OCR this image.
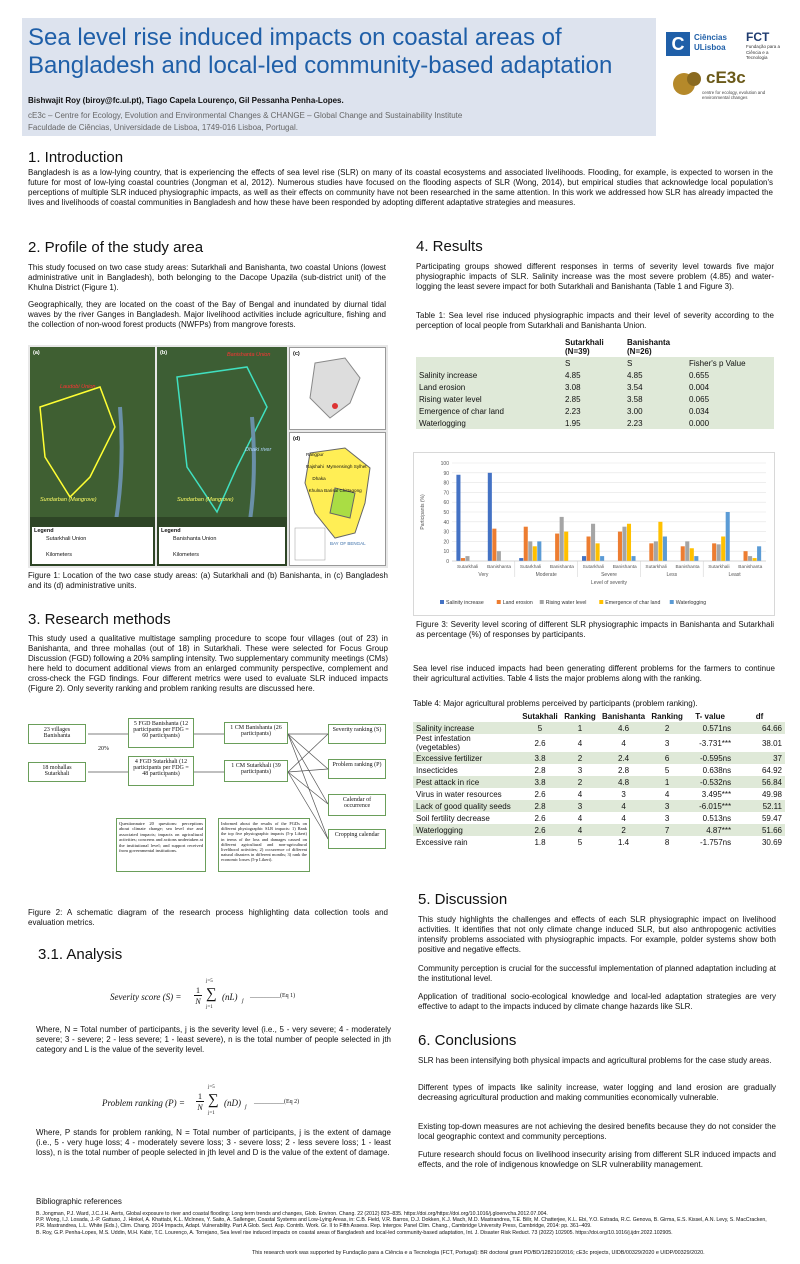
Sea level rise induced impacts on coastal areas of Bangladesh and local-led community-based adaptation
Bishwajit Roy (biroy@fc.ul.pt), Tiago Capela Lourenço, Gil Pessanha Penha-Lopes.
cE3c – Centre for Ecology, Evolution and Environmental Changes & CHANGE – Global Change and Sustainability Institute
Faculdade de Ciências, Universidade de Lisboa, 1749-016 Lisboa, Portugal.
C	Ciências ULisboa
FCT
Fundação para a Ciência e a Tecnologia
cE3c
centre for ecology, evolution and environmental changes
1. Introduction
Bangladesh is as a low-lying country, that is experiencing the effects of sea level rise (SLR) on many of its coastal ecosystems and associated livelihoods. Flooding, for example, is expected to worsen in the future for most of low-lying coastal countries (Jongman et al, 2012). Numerous studies have focused on the flooding aspects of SLR (Wong, 2014), but empirical studies that acknowledge local population's perceptions of multiple SLR induced physiographic impacts, as well as their effects on community have not been researched in the same attention. In this work we addressed how SLR has already impacted the lives and livelihoods of coastal communities in Bangladesh and how these have been responded by adopting different adaptative strategies and measures.
2. Profile of the study area
This study focused on two case study areas: Sutarkhali and Banishanta, two coastal Unions (lowest administrative unit in Bangladesh), both belonging to the Dacope Upazila (sub-district unit) of the Khulna District (Figure 1).
Geographically, they are located on the coast of the Bay of Bengal and inundated by diurnal tidal waves by the river Ganges in Bangladesh. Major livelihood activities include agriculture, fishing and the collection of non-wood forest products (NWFPs) from mangrove forests.
(a)
Laudobi Union
Sundarban (Mangrove)
Legend
Sutarkhali Union
Kilometers
(b)	Banishanta Union
Dhaki river
Sundarban (Mangrove)
Legend
Banishanta Union
Kilometers
(c)
(d)
Rangpur
Rajshahi Mymensingh Sylhet
Dhaka
Khulna Barisal Chittagong
BAY OF BENGAL
Figure 1: Location of the two case study areas: (a) Sutarkhali and (b) Banishanta, in (c) Bangladesh and its (d) administrative units.
3. Research methods
This study used a qualitative multistage sampling procedure to scope four villages (out of 23) in Banishanta, and three mohallas (out of 18) in Sutarkhali. These were selected for Focus Group Discussion (FGD) following a 20% sampling intensity. Two supplementary community meetings (CMs) here held to document additional views from an enlarged community perspective, complement and cross-check the FGD findings. Four different metrics were used to evaluate SLR induced impacts (Figure 2). Only severity ranking and problem ranking results are discussed here.
23 villages Banishanta
18 mohallas Sutarkhali
20%
5 FGD Banishanta (12 participants per FDG = 60 participants)
4 FGD Sutarkhali (12 participants per FDG = 48 participants)
1 CM Banishanta (26 participants)
1 CM Sutarkhali (39 participants)
Severity ranking (S)
Problem ranking (P)
Calendar of occurrence
Cropping calendar
Questionnaire 20 questions: perceptions about climate change; sea level rise and associated impacts; impacts on agricultural activities; concerns and actions undertaken at the institutional level; and support received from governmental institutions.
Informed about the results of the FGDs on different physiographic SLR impacts: 1) Rank the top five physiographic impacts (5-p Likert) in terms of the loss and damages caused on different agricultural and non-agricultural livelihood activities; 2) occurrence of different natural disasters in different months; 3) rank the economic losses (5-p Likert).
Figure 2: A schematic diagram of the research process highlighting data collection tools and evaluation metrics.
3.1. Analysis
Severity score (S) =
1
N
j=5
∑
j=1
(nL) j
__________(Eq 1)
Where, N = Total number of participants, j is the severity level (i.e., 5 - very severe; 4 - moderately severe; 3 - severe; 2 - less severe; 1 - least severe), n is the total number of people selected in jth category and L is the value of the severity level.
Problem ranking (P) =
1
N
j=5
∑
j=1
(nD) j
__________(Eq 2)
Where, P stands for problem ranking, N = Total number of participants, j is the extent of damage (i.e., 5 - very huge loss; 4 - moderately severe loss; 3 - severe loss; 2 - less severe loss; 1 - least loss), n is the total number of people selected in jth level and D is the value of the extent of damage.
4. Results
Participating groups showed different responses in terms of severity level towards five major physiographic impacts of SLR. Salinity increase was the most severe problem (4.85) and water-logging the least severe impact for both Sutarkhali and Banishanta (Table 1 and Figure 3).
Table 1: Sea level rise induced physiographic impacts and their level of severity according to the perception of local people from Sutarkhali and Banishanta Union.
	Sutarkhali (N=39)	Banishanta (N=26)	
	S	S	Fisher's p Value
Salinity increase	4.85	4.85	0.655
Land erosion	3.08	3.54	0.004
Rising water level	2.85	3.58	0.065
Emergence of char land	2.23	3.00	0.034
Waterlogging	1.95	2.23	0.000
0
10
20
30
40
50
60
70
80
90
100
Participants (%)
Sutarkhali Banishanta Sutarkhali Banishanta Sutarkhali Banishanta Sutarkhali Banishanta Sutarkhali Banishanta
Very	Moderate	Severe	Less	Least
Level of severity
Salinity increase	Land erosion	Rising water level	Emergence of char land	Waterlogging
Figure 3: Severity level scoring of different SLR physiographic impacts in Banishanta and Sutarkhali as percentage (%) of responses by participants.
Sea level rise induced impacts had been generating different problems for the farmers to continue their agricultural activities. Table 4 lists the major problems along with the ranking.
Table 4: Major agricultural problems perceived by participants (problem ranking).
	Sutakhali	Ranking	Banishanta	Ranking	T- value	df
Salinity increase	5	1	4.6	2	0.571ns	64.66
Pest infestation (vegetables)	2.6	4	4	3	-3.731***	38.01
Excessive fertilizer	3.8	2	2.4	6	-0.595ns	37
Insecticides	2.8	3	2.8	5	0.638ns	64.92
Pest attack in rice	3.8	2	4.8	1	-0.532ns	56.84
Virus in water resources	2.6	4	3	4	3.495***	49.98
Lack of good quality seeds	2.8	3	4	3	-6.015***	52.11
Soil fertility decrease	2.6	4	4	3	0.513ns	59.47
Waterlogging	2.6	4	2	7	4.87***	51.66
Excessive rain	1.8	5	1.4	8	-1.757ns	30.69
5. Discussion
This study highlights the challenges and effects of each SLR physiographic impact on livelihood activities. It identifies that not only climate change induced SLR, but also anthropogenic activities intensify problems associated with physiographic impacts. For example, polder systems show both positive and negative effects.
Community perception is crucial for the successful implementation of planned adaptation including at the institutional level.
Application of traditional socio-ecological knowledge and local-led adaptation strategies are very effective to adapt to the impacts induced by climate change hazards like SLR.
6. Conclusions
SLR has been intensifying both physical impacts and agricultural problems for the case study areas.
Different types of impacts like salinity increase, water logging and land erosion are gradually decreasing agricultural production and making communities economically vulnerable.
Existing top-down measures are not achieving the desired benefits because they do not consider the local geographic context and community perceptions.
Future research should focus on livelihood insecurity arising from different SLR induced impacts and effects, and the role of indigenous knowledge on SLR vulnerability management.
Bibliographic references
B. Jongman, P.J. Ward, J.C.J.H. Aerts, Global exposure to river and coastal flooding: Long term trends and changes, Glob. Environ. Chang. 22 (2012) 823–835. https://doi.org/https://doi.org/10.1016/j.gloenvcha.2012.07.004.
P.P. Wong, I.J. Losada, J.-P. Gattuso, J. Hinkel, A. Khattabi, K.L. McInnes, Y. Saito, A. Sallenger, Coastal Systems and Low-Lying Areas, in: C.B. Field, V.R. Barros, D.J. Dokken, K.J. Mach, M.D. Mastrandrea, T.E. Bilir, M. Chatterjee, K.L. Ebi, Y.O. Estrada, R.C. Genova, B. Girma, E.S. Kissel, A.N. Levy, S. MacCracken, P.R. Mastrandrea, L.L. White (Eds.), Clim. Chang. 2014 Impacts, Adapt. Vulnerability. Part A Glob. Sect. Asp. Contrib. Work. Gr. II to Fifth Assess. Rep. Intergov. Panel Clim. Chang., Cambridge University Press, Cambridge, 2014: pp. 361–409.
B. Roy, G.P. Penha-Lopes, M.S. Uddin, M.H. Kabir, T.C. Lourenço, A. Torrejano, Sea level rise induced impacts on coastal areas of Bangladesh and local-led community-based adaptation, Int. J. Disaster Risk Reduct. 73 (2022) 102905. https://doi.org/10.1016/j.ijdrr.2022.102905.
This research work was supported by Fundação para a Ciência e a Tecnologia (FCT, Portugal): BR doctoral grant PD/BD/128210/2016; cE3c projects, UIDB/00329/2020 e UIDP/00329/2020.
